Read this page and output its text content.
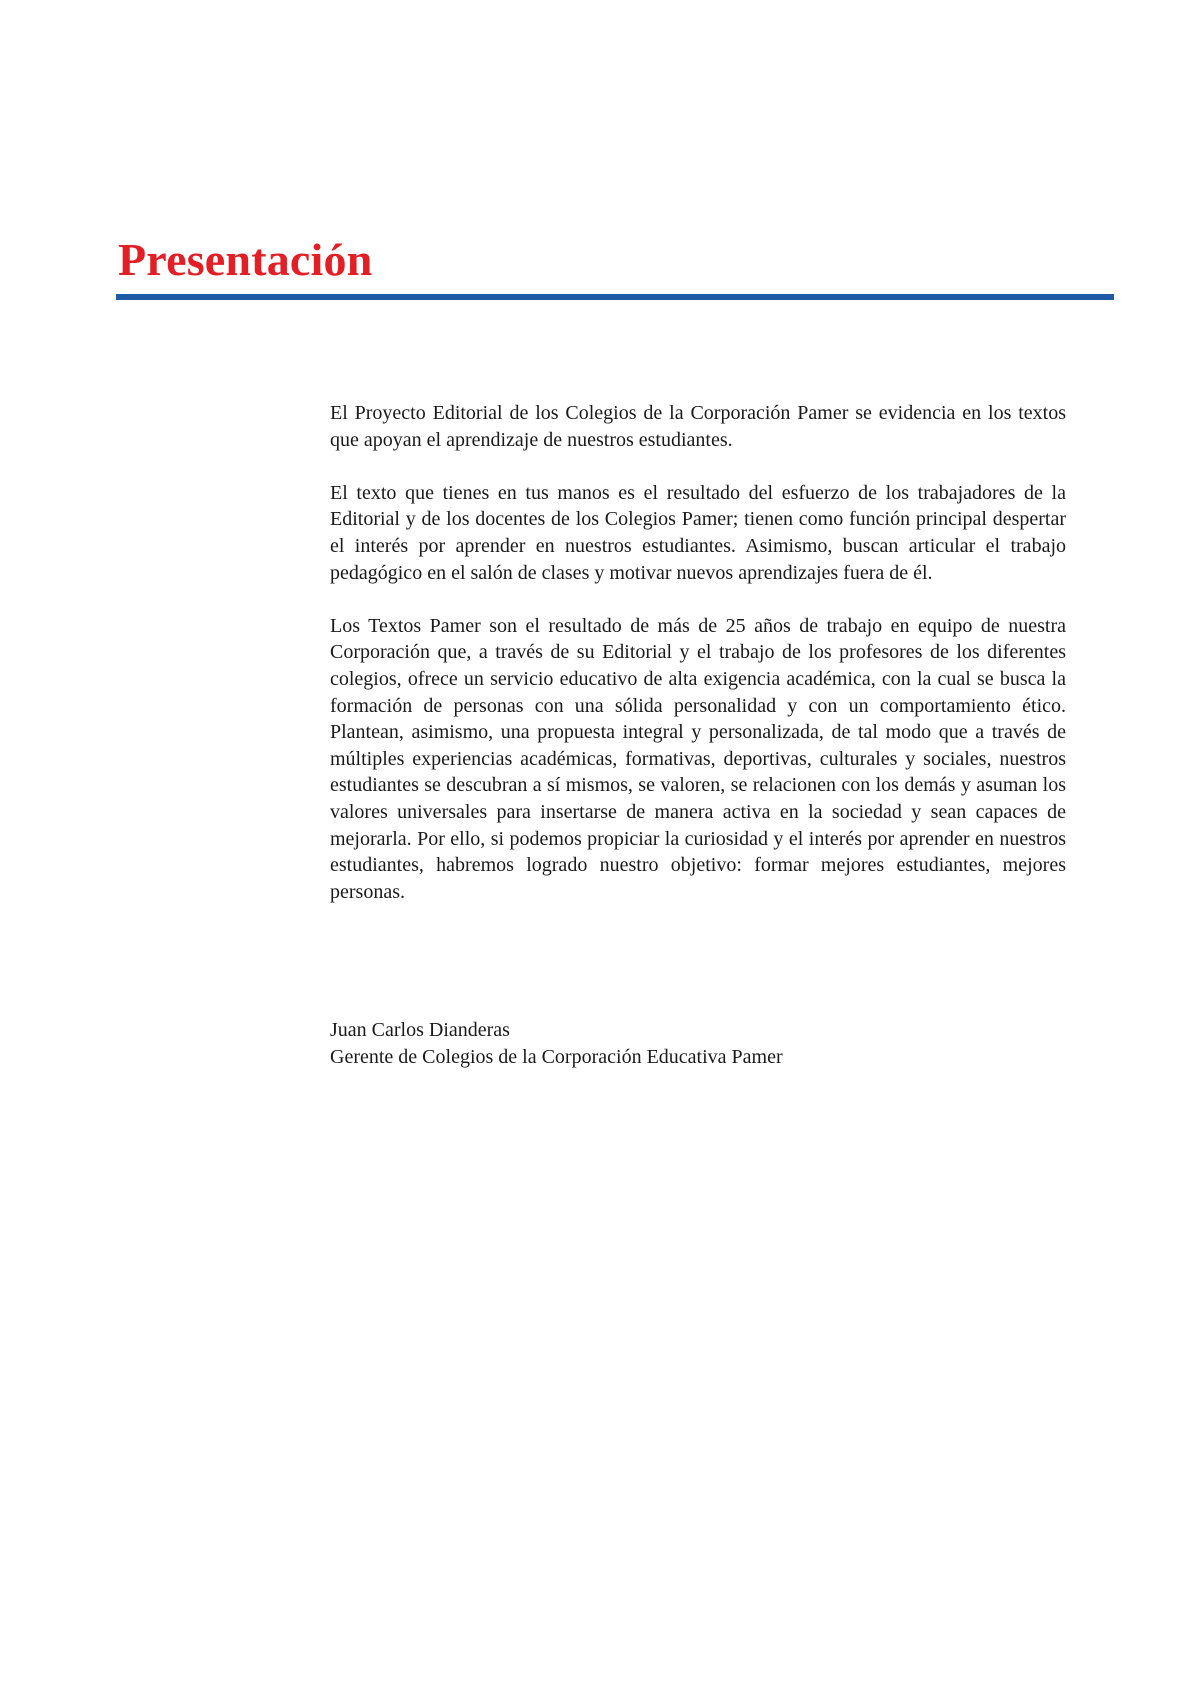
Presentación

El Proyecto Editorial de los Colegios de la Corporación Pamer se evidencia en los textos que apoyan el aprendizaje de nuestros estudiantes.

El texto que tienes en tus manos es el resultado del esfuerzo de los trabajadores de la Editorial y de los docentes de los Colegios Pamer; tienen como función principal despertar el interés por aprender en nuestros estudiantes. Asimismo, buscan articular el trabajo pedagógico en el salón de clases y motivar nuevos aprendizajes fuera de él.

Los Textos Pamer son el resultado de más de 25 años de trabajo en equipo de nuestra Corporación que, a través de su Editorial y el trabajo de los profesores de los diferentes colegios, ofrece un servicio educativo de alta exigencia académica, con la cual se busca la formación de personas con una sólida personalidad y con un comportamiento ético. Plantean, asimismo, una propuesta integral y personalizada, de tal modo que a través de múltiples experiencias académicas, formativas, deportivas, culturales y sociales, nuestros estudiantes se descubran a sí mismos, se valoren, se relacionen con los demás y asuman los valores universales para insertarse de manera activa en la sociedad y sean capaces de mejorarla. Por ello, si podemos propiciar la curiosidad y el interés por aprender en nuestros estudiantes, habremos logrado nuestro objetivo: formar mejores estudiantes, mejores personas.

Juan Carlos Dianderas
Gerente de Colegios de la Corporación Educativa Pamer
